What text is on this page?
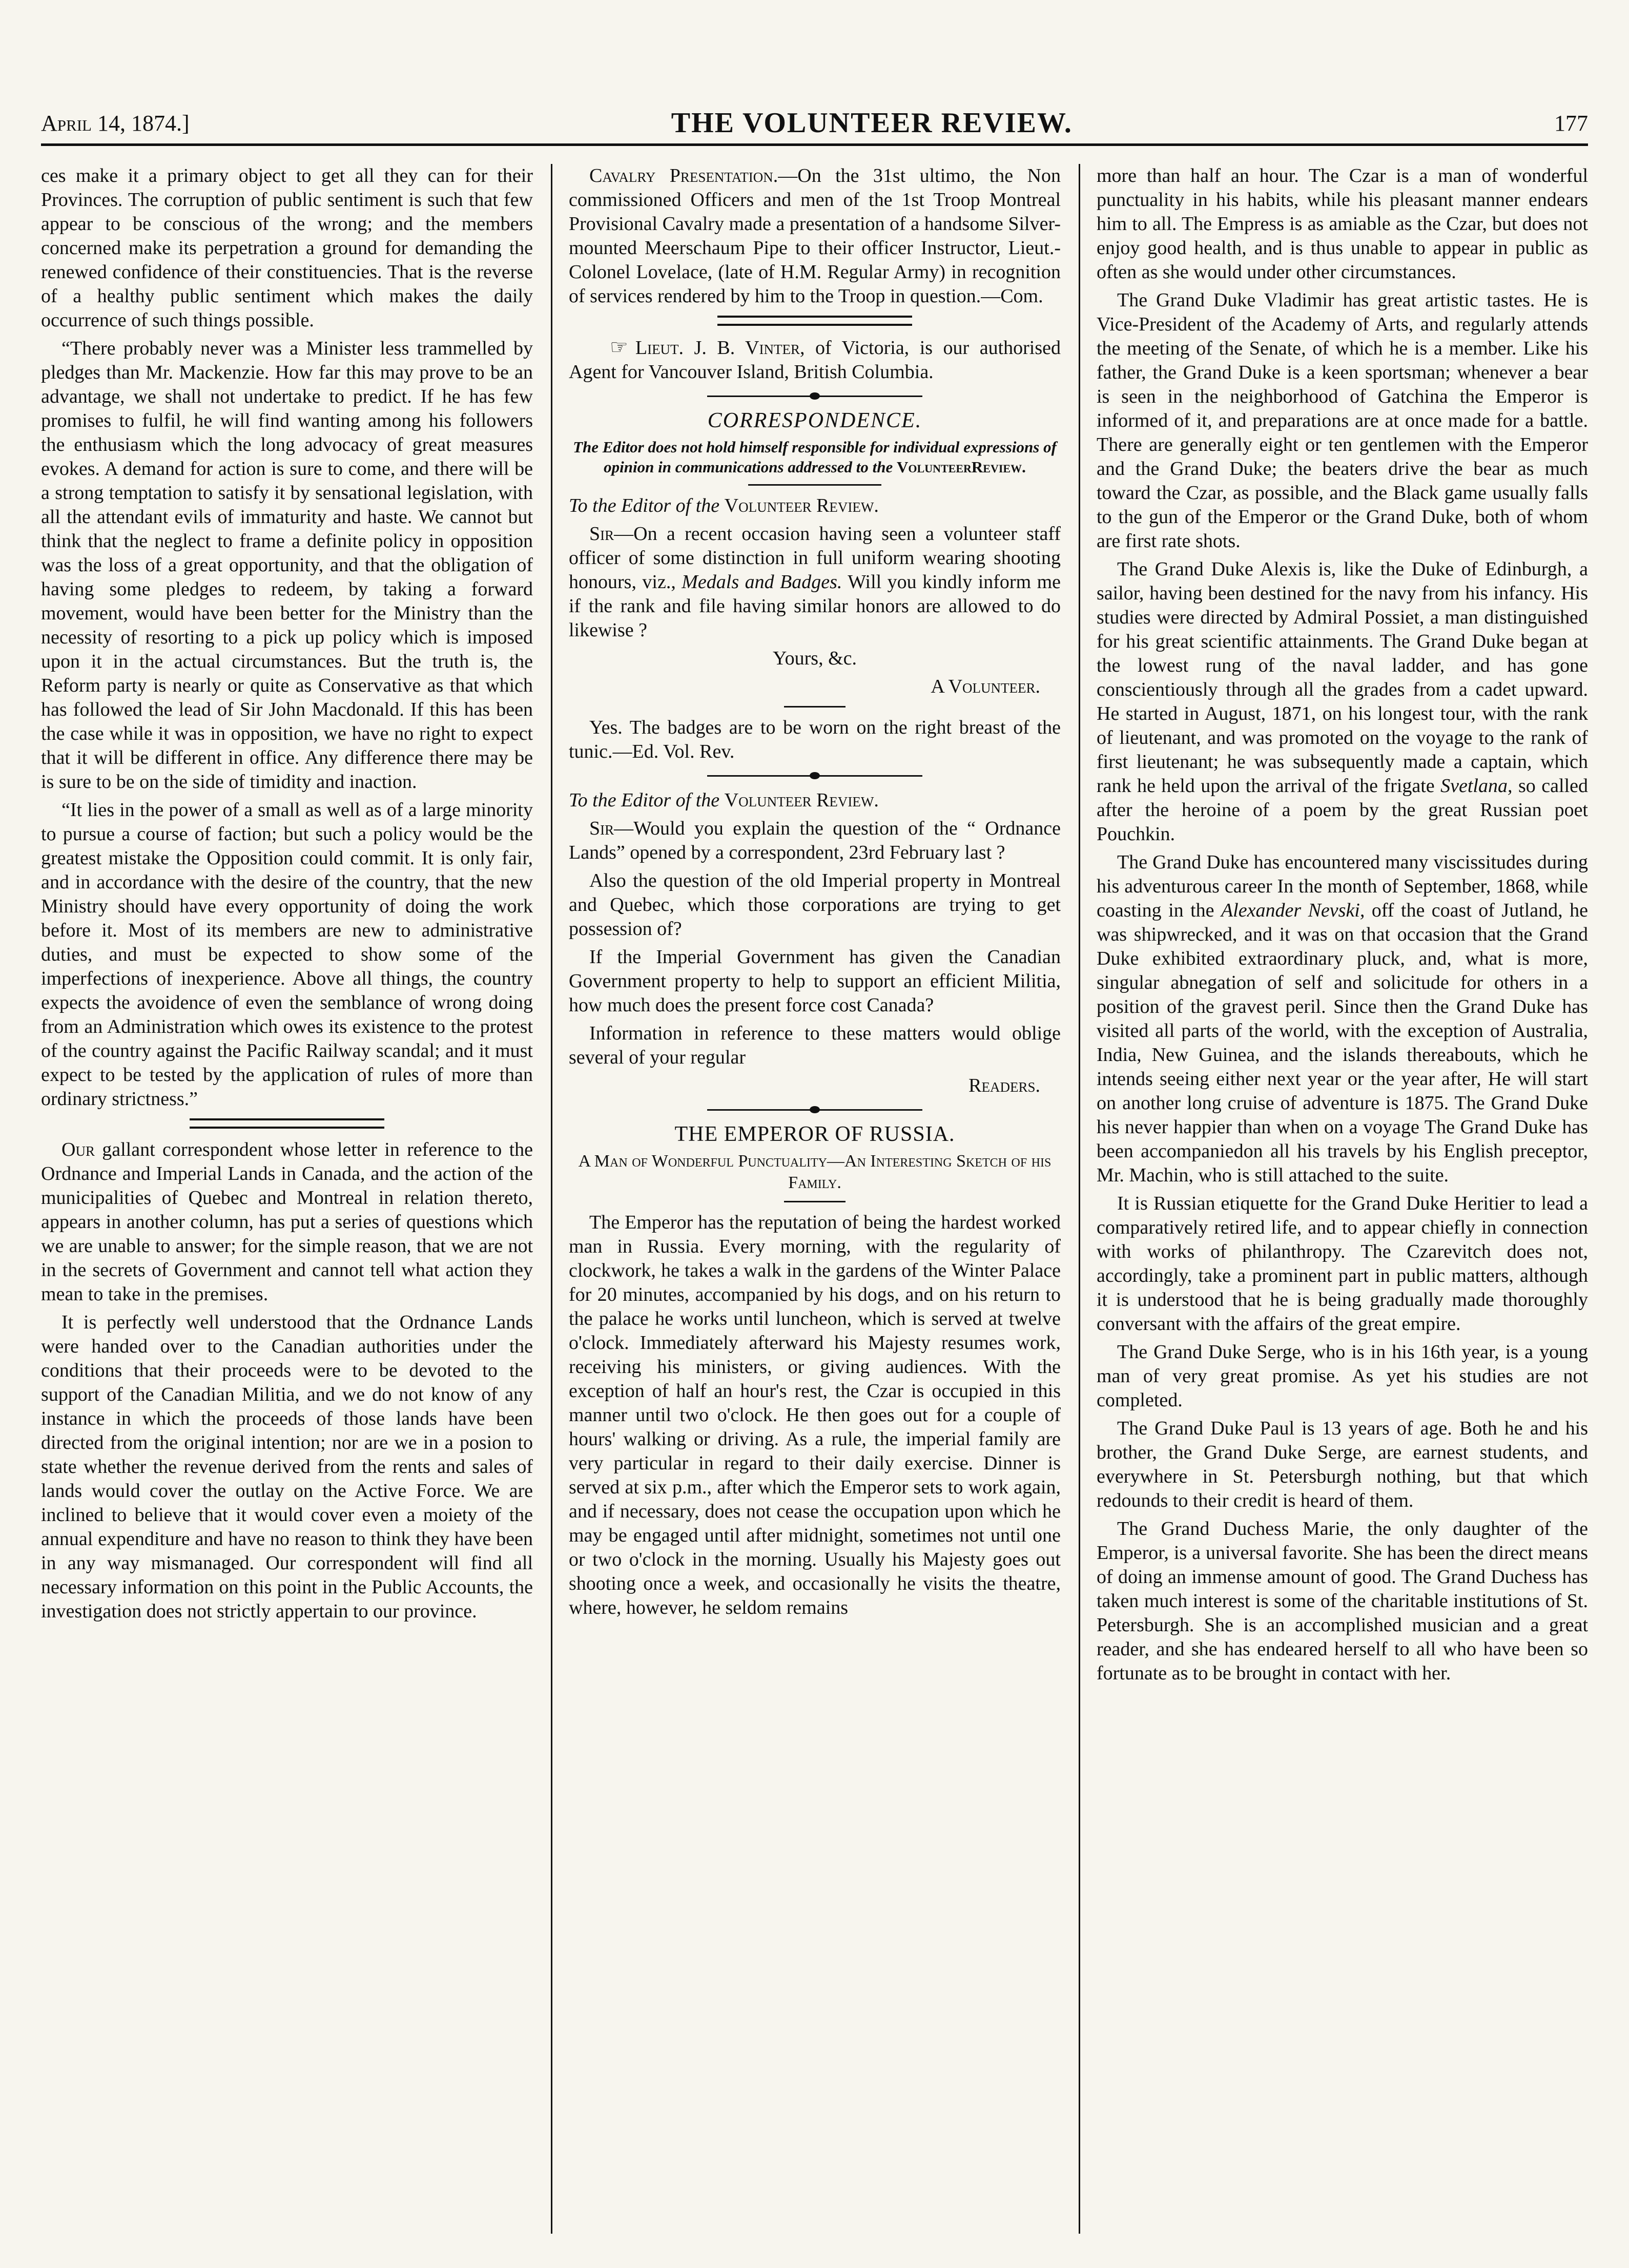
April 14, 1874.]	THE VOLUNTEER REVIEW.	177

ces make it a primary object to get all they can for their Provinces. The corruption of public sentiment is such that few appear to be conscious of the wrong; and the members concerned make its perpetration a ground for demanding the renewed confidence of their constituencies. That is the reverse of a healthy public sentiment which makes the daily occurrence of such things possible.

“There probably never was a Minister less trammelled by pledges than Mr. Mackenzie. How far this may prove to be an advantage, we shall not undertake to predict. If he has few promises to fulfil, he will find wanting among his followers the enthusiasm which the long advocacy of great measures evokes. A demand for action is sure to come, and there will be a strong temptation to satisfy it by sensational legislation, with all the attendant evils of immaturity and haste. We cannot but think that the neglect to frame a definite policy in opposition was the loss of a great opportunity, and that the obligation of having some pledges to redeem, by taking a forward movement, would have been better for the Ministry than the necessity of resorting to a pick up policy which is imposed upon it in the actual circumstances. But the truth is, the Reform party is nearly or quite as Conservative as that which has followed the lead of Sir John Macdonald. If this has been the case while it was in opposition, we have no right to expect that it will be different in office. Any difference there may be is sure to be on the side of timidity and inaction.

“It lies in the power of a small as well as of a large minority to pursue a course of faction; but such a policy would be the greatest mistake the Opposition could commit. It is only fair, and in accordance with the desire of the country, that the new Ministry should have every opportunity of doing the work before it. Most of its members are new to administrative duties, and must be expected to show some of the imperfections of inexperience. Above all things, the country expects the avoidence of even the semblance of wrong doing from an Administration which owes its existence to the protest of the country against the Pacific Railway scandal; and it must expect to be tested by the application of rules of more than ordinary strictness.”

Our gallant correspondent whose letter in reference to the Ordnance and Imperial Lands in Canada, and the action of the municipalities of Quebec and Montreal in relation thereto, appears in another column, has put a series of questions which we are unable to answer; for the simple reason, that we are not in the secrets of Government and cannot tell what action they mean to take in the premises.

It is perfectly well understood that the Ordnance Lands were handed over to the Canadian authorities under the conditions that their proceeds were to be devoted to the support of the Canadian Militia, and we do not know of any instance in which the proceeds of those lands have been directed from the original intention; nor are we in a posion to state whether the revenue derived from the rents and sales of lands would cover the outlay on the Active Force. We are inclined to believe that it would cover even a moiety of the annual expenditure and have no reason to think they have been in any way mismanaged. Our correspondent will find all necessary information on this point in the Public Accounts, the investigation does not strictly appertain to our province.

Cavalry Presentation.—On the 31st ultimo, the Non commissioned Officers and men of the 1st Troop Montreal Provisional Cavalry made a presentation of a handsome Silver-mounted Meerschaum Pipe to their officer Instructor, Lieut.-Colonel Lovelace, (late of H.M. Regular Army) in recognition of services rendered by him to the Troop in question.—Com.

☞ Lieut. J. B. Vinter, of Victoria, is our authorised Agent for Vancouver Island, British Columbia.

CORRESPONDENCE.

The Editor does not hold himself responsible for individual expressions of opinion in communications addressed to the VolunteerReview.

To the Editor of the Volunteer Review.

Sir—On a recent occasion having seen a volunteer staff officer of some distinction in full uniform wearing shooting honours, viz., Medals and Badges. Will you kindly inform me if the rank and file having similar honors are allowed to do likewise ?

Yours, &c.

A Volunteer.

Yes. The badges are to be worn on the right breast of the tunic.—Ed. Vol. Rev.

To the Editor of the Volunteer Review.

Sir—Would you explain the question of the “ Ordnance Lands” opened by a correspondent, 23rd February last ?

Also the question of the old Imperial property in Montreal and Quebec, which those corporations are trying to get possession of?

If the Imperial Government has given the Canadian Government property to help to support an efficient Militia, how much does the present force cost Canada?

Information in reference to these matters would oblige several of your regular

Readers.

THE EMPEROR OF RUSSIA.
A Man of Wonderful Punctuality—An Interesting Sketch of his Family.

The Emperor has the reputation of being the hardest worked man in Russia. Every morning, with the regularity of clockwork, he takes a walk in the gardens of the Winter Palace for 20 minutes, accompanied by his dogs, and on his return to the palace he works until luncheon, which is served at twelve o'clock. Immediately afterward his Majesty resumes work, receiving his ministers, or giving audiences. With the exception of half an hour's rest, the Czar is occupied in this manner until two o'clock. He then goes out for a couple of hours' walking or driving. As a rule, the imperial family are very particular in regard to their daily exercise. Dinner is served at six p.m., after which the Emperor sets to work again, and if necessary, does not cease the occupation upon which he may be engaged until after midnight, sometimes not until one or two o'clock in the morning. Usually his Majesty goes out shooting once a week, and occasionally he visits the theatre, where, however, he seldom remains

more than half an hour. The Czar is a man of wonderful punctuality in his habits, while his pleasant manner endears him to all. The Empress is as amiable as the Czar, but does not enjoy good health, and is thus unable to appear in public as often as she would under other circumstances.

The Grand Duke Vladimir has great artistic tastes. He is Vice-President of the Academy of Arts, and regularly attends the meeting of the Senate, of which he is a member. Like his father, the Grand Duke is a keen sportsman; whenever a bear is seen in the neighborhood of Gatchina the Emperor is informed of it, and preparations are at once made for a battle. There are generally eight or ten gentlemen with the Emperor and the Grand Duke; the beaters drive the bear as much toward the Czar, as possible, and the Black game usually falls to the gun of the Emperor or the Grand Duke, both of whom are first rate shots.

The Grand Duke Alexis is, like the Duke of Edinburgh, a sailor, having been destined for the navy from his infancy. His studies were directed by Admiral Possiet, a man distinguished for his great scientific attainments. The Grand Duke began at the lowest rung of the naval ladder, and has gone conscientiously through all the grades from a cadet upward. He started in August, 1871, on his longest tour, with the rank of lieutenant, and was promoted on the voyage to the rank of first lieutenant; he was subsequently made a captain, which rank he held upon the arrival of the frigate Svetlana, so called after the heroine of a poem by the great Russian poet Pouchkin.

The Grand Duke has encountered many viscissitudes during his adventurous career In the month of September, 1868, while coasting in the Alexander Nevski, off the coast of Jutland, he was shipwrecked, and it was on that occasion that the Grand Duke exhibited extraordinary pluck, and, what is more, singular abnegation of self and solicitude for others in a position of the gravest peril. Since then the Grand Duke has visited all parts of the world, with the exception of Australia, India, New Guinea, and the islands thereabouts, which he intends seeing either next year or the year after, He will start on another long cruise of adventure is 1875. The Grand Duke his never happier than when on a voyage The Grand Duke has been accompaniedon all his travels by his English preceptor, Mr. Machin, who is still attached to the suite.

It is Russian etiquette for the Grand Duke Heritier to lead a comparatively retired life, and to appear chiefly in connection with works of philanthropy. The Czarevitch does not, accordingly, take a prominent part in public matters, although it is understood that he is being gradually made thoroughly conversant with the affairs of the great empire.

The Grand Duke Serge, who is in his 16th year, is a young man of very great promise. As yet his studies are not completed.

The Grand Duke Paul is 13 years of age. Both he and his brother, the Grand Duke Serge, are earnest students, and everywhere in St. Petersburgh nothing, but that which redounds to their credit is heard of them.

The Grand Duchess Marie, the only daughter of the Emperor, is a universal favorite. She has been the direct means of doing an immense amount of good. The Grand Duchess has taken much interest is some of the charitable institutions of St. Petersburgh. She is an accomplished musician and a great reader, and she has endeared herself to all who have been so fortunate as to be brought in contact with her.
